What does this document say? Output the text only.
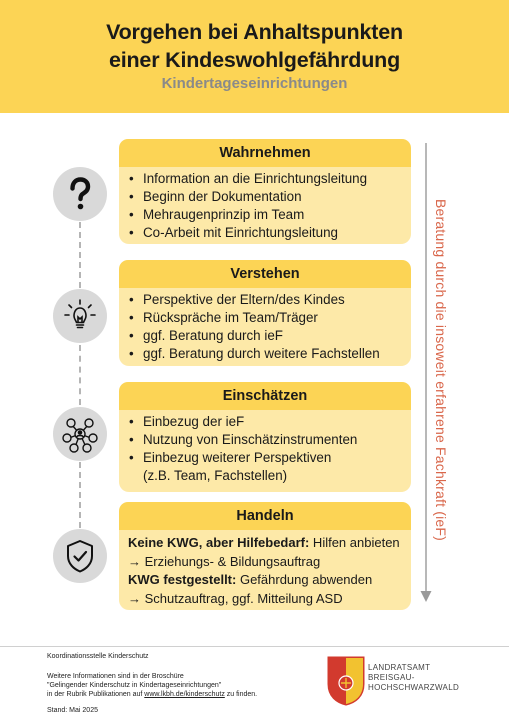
Vorgehen bei Anhaltspunkten
einer Kindeswohlgefährdung
Kindertageseinrichtungen
Wahrnehmen
• Information an die Einrichtungsleitung
• Beginn der Dokumentation
• Mehraugenprinzip im Team
• Co-Arbeit mit Einrichtungsleitung
Verstehen
• Perspektive der Eltern/des Kindes
• Rückspräche im Team/Träger
• ggf. Beratung durch ieF
• ggf. Beratung durch weitere Fachstellen
Einschätzen
• Einbezug der ieF
• Nutzung von Einschätzinstrumenten
• Einbezug weiterer Perspektiven
(z.B. Team, Fachstellen)
Handeln
Keine KWG, aber Hilfebedarf: Hilfen anbieten
→ Erziehungs- & Bildungsauftrag
KWG festgestellt: Gefährdung abwenden
→ Schutzauftrag, ggf. Mitteilung ASD
Beratung durch die insoweit erfahrene Fachkraft (ieF)
Koordinationsstelle Kinderschutz
Weitere Informationen sind in der Broschüre
"Gelingender Kinderschutz in Kindertageseinrichtungen"
in der Rubrik Publikationen auf www.lkbh.de/kinderschutz zu finden.
Stand: Mai 2025
LANDRATSAMT
BREISGAU-
HOCHSCHWARZWALD
